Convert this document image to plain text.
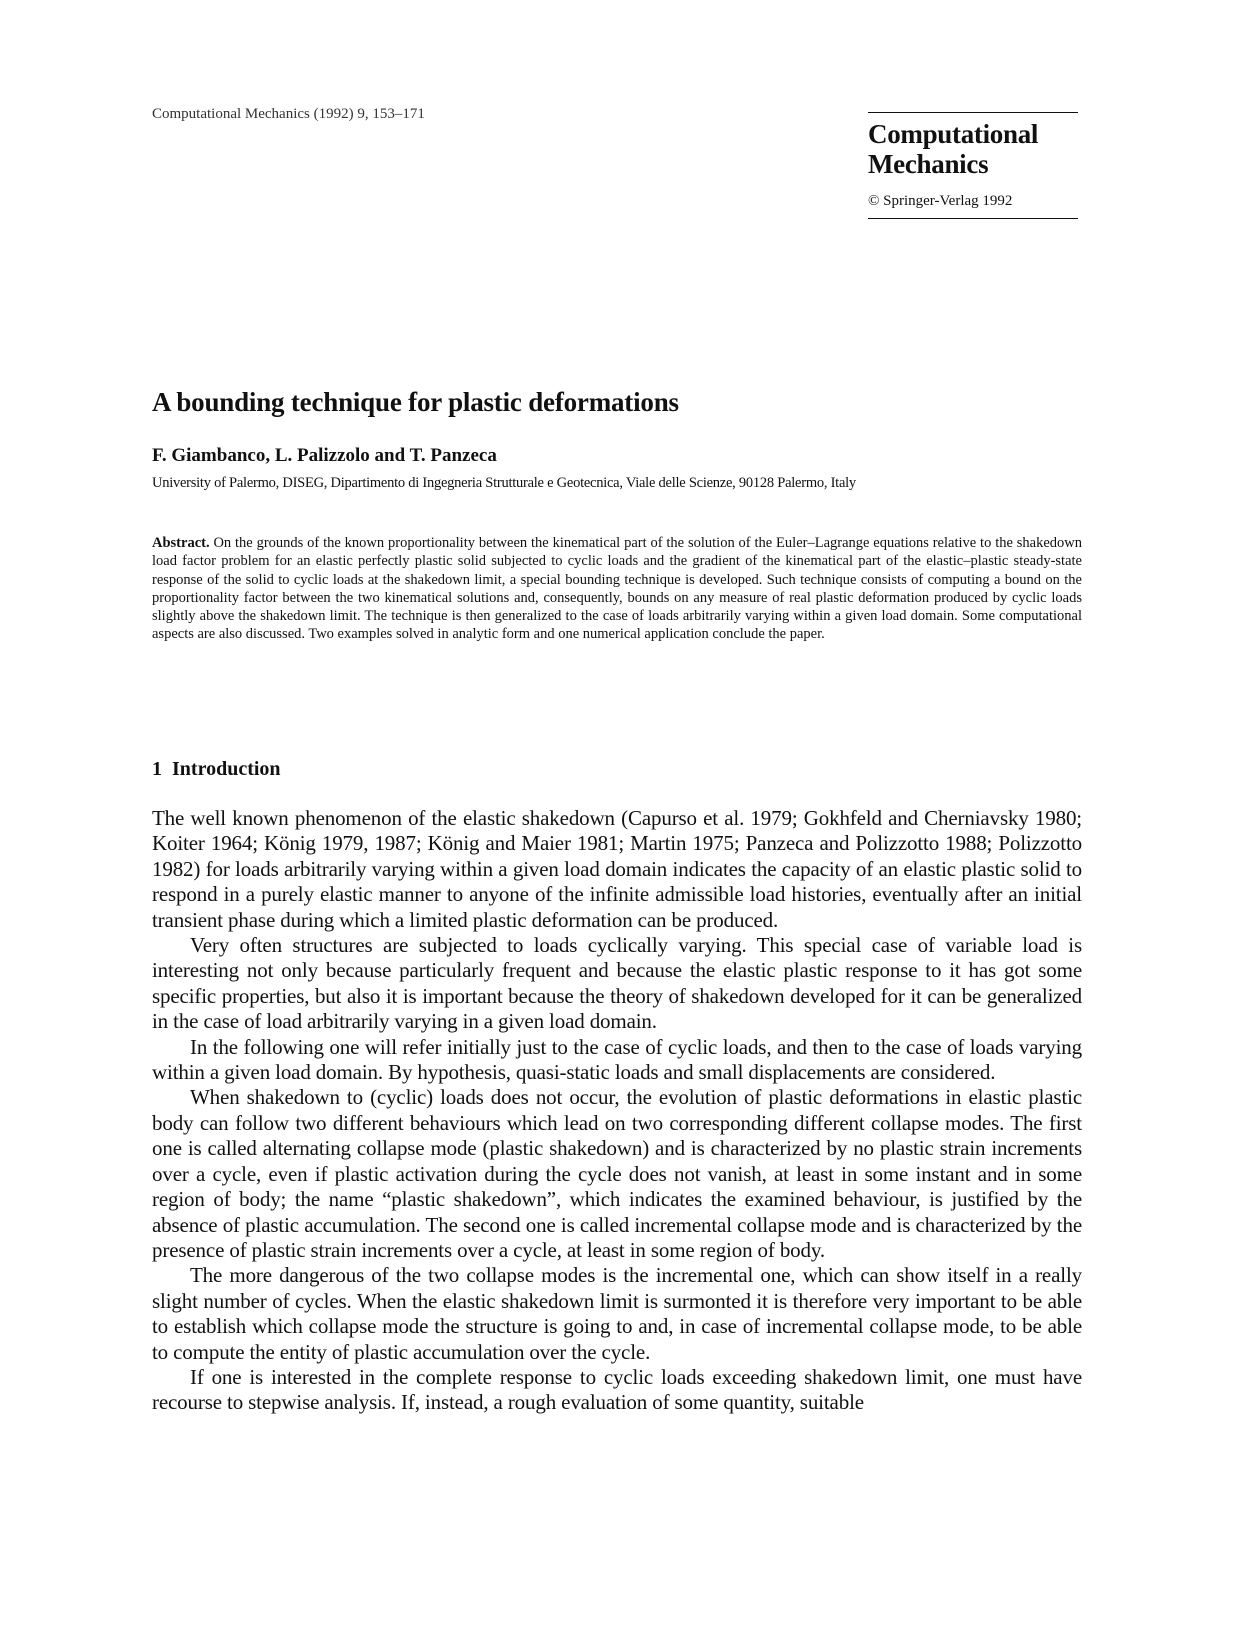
Computational Mechanics (1992) 9, 153–171
Computational
Mechanics
© Springer-Verlag 1992
A bounding technique for plastic deformations
F. Giambanco, L. Palizzolo and T. Panzeca
University of Palermo, DISEG, Dipartimento di Ingegneria Strutturale e Geotecnica, Viale delle Scienze, 90128 Palermo, Italy
Abstract. On the grounds of the known proportionality between the kinematical part of the solution of the Euler–Lagrange equations relative to the shakedown load factor problem for an elastic perfectly plastic solid subjected to cyclic loads and the gradient of the kinematical part of the elastic–plastic steady-state response of the solid to cyclic loads at the shakedown limit, a special bounding technique is developed. Such technique consists of computing a bound on the proportionality factor between the two kinematical solutions and, consequently, bounds on any measure of real plastic deformation produced by cyclic loads slightly above the shakedown limit. The technique is then generalized to the case of loads arbitrarily varying within a given load domain. Some computational aspects are also discussed. Two examples solved in analytic form and one numerical application conclude the paper.
1 Introduction

The well known phenomenon of the elastic shakedown (Capurso et al. 1979; Gokhfeld and Cherniavsky 1980; Koiter 1964; König 1979, 1987; König and Maier 1981; Martin 1975; Panzeca and Polizzotto 1988; Polizzotto 1982) for loads arbitrarily varying within a given load domain indicates the capacity of an elastic plastic solid to respond in a purely elastic manner to anyone of the infinite admissible load histories, eventually after an initial transient phase during which a limited plastic deformation can be produced.

Very often structures are subjected to loads cyclically varying. This special case of variable load is interesting not only because particularly frequent and because the elastic plastic response to it has got some specific properties, but also it is important because the theory of shakedown developed for it can be generalized in the case of load arbitrarily varying in a given load domain.

In the following one will refer initially just to the case of cyclic loads, and then to the case of loads varying within a given load domain. By hypothesis, quasi-static loads and small displacements are considered.

When shakedown to (cyclic) loads does not occur, the evolution of plastic deformations in elastic plastic body can follow two different behaviours which lead on two corresponding different collapse modes. The first one is called alternating collapse mode (plastic shakedown) and is characterized by no plastic strain increments over a cycle, even if plastic activation during the cycle does not vanish, at least in some instant and in some region of body; the name “plastic shakedown”, which indicates the examined behaviour, is justified by the absence of plastic accumulation. The second one is called incremental collapse mode and is characterized by the presence of plastic strain increments over a cycle, at least in some region of body.

The more dangerous of the two collapse modes is the incremental one, which can show itself in a really slight number of cycles. When the elastic shakedown limit is surmonted it is therefore very important to be able to establish which collapse mode the structure is going to and, in case of incremental collapse mode, to be able to compute the entity of plastic accumulation over the cycle.

If one is interested in the complete response to cyclic loads exceeding shakedown limit, one must have recourse to stepwise analysis. If, instead, a rough evaluation of some quantity, suitable
